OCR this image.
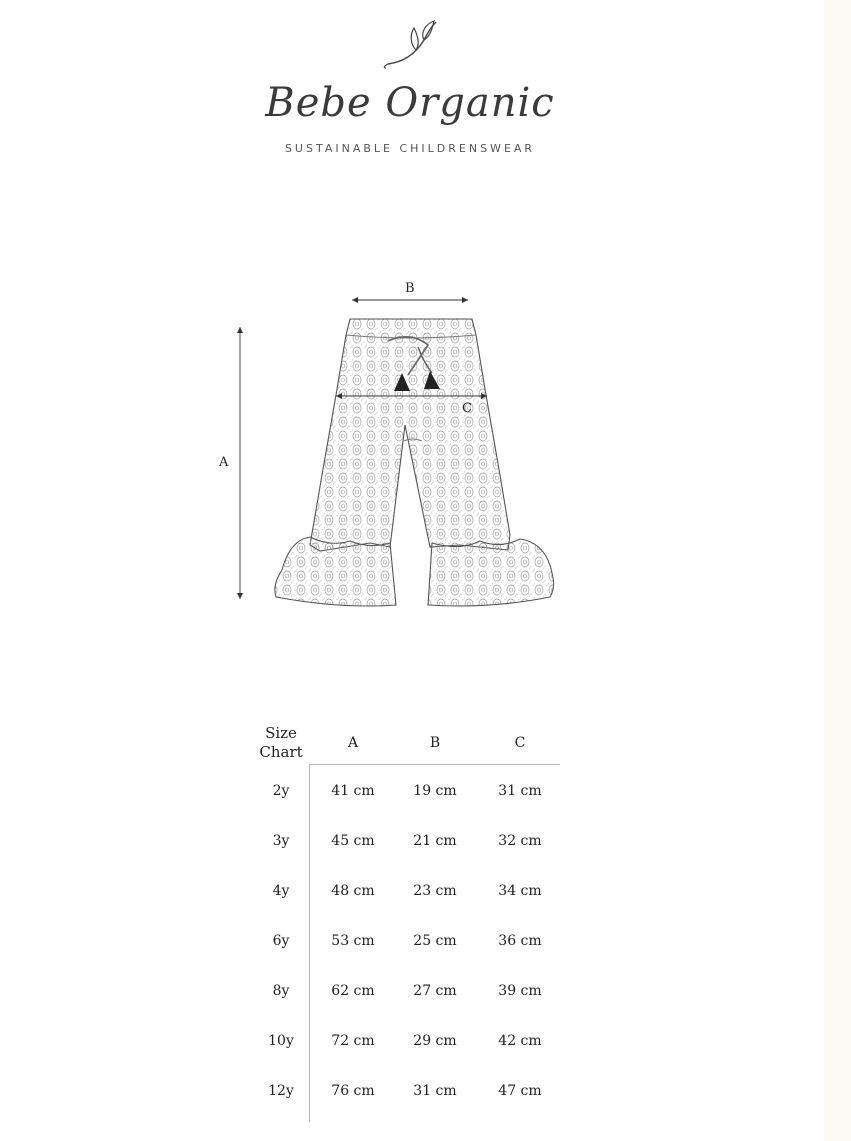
Bebe Organic
SUSTAINABLE CHILDRENSWEAR
B
A
C
Size
Chart	A	B	C
2y	41 cm	19 cm	31 cm
3y	45 cm	21 cm	32 cm
4y	48 cm	23 cm	34 cm
6y	53 cm	25 cm	36 cm
8y	62 cm	27 cm	39 cm
10y	72 cm	29 cm	42 cm
12y	76 cm	31 cm	47 cm
